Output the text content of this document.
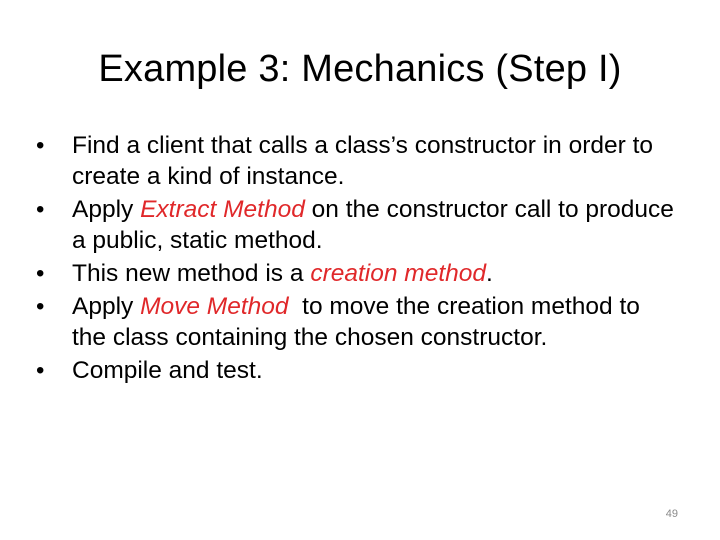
Example 3: Mechanics (Step I)
•	Find a client that calls a class’s constructor in order to create a kind of instance.
•	Apply Extract Method on the constructor call to produce a public, static method.
•	This new method is a creation method.
•	Apply Move Method  to move the creation method to the class containing the chosen constructor.
•	Compile and test.
49
